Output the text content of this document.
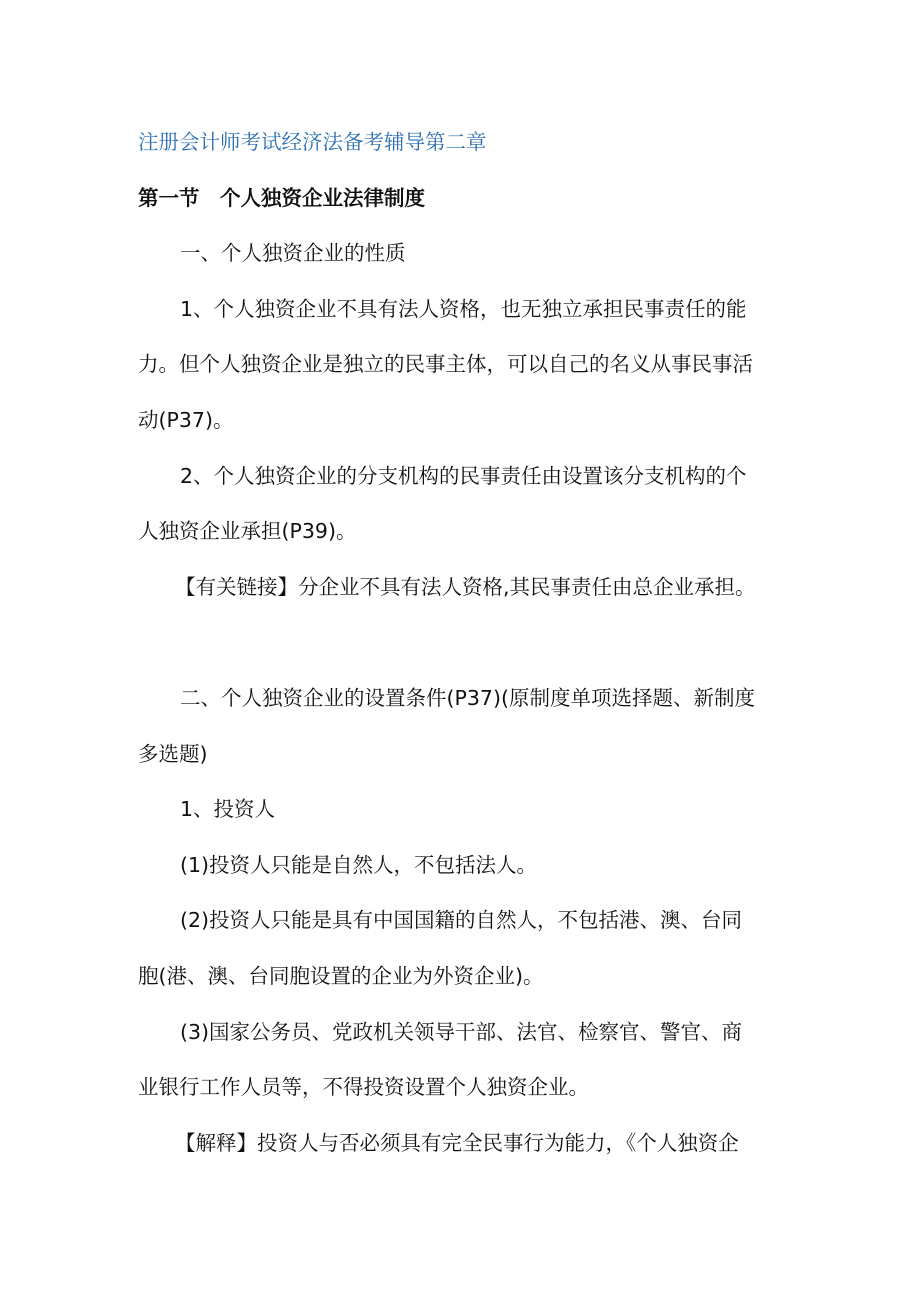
注册会计师考试经济法备考辅导第二章
第一节　个人独资企业法律制度
一、个人独资企业的性质
1、个人独资企业不具有法人资格，也无独立承担民事责任的能
力。但个人独资企业是独立的民事主体，可以自己的名义从事民事活
动(P37)。
2、个人独资企业的分支机构的民事责任由设置该分支机构的个
人独资企业承担(P39)。
【有关链接】分企业不具有法人资格,其民事责任由总企业承担。
二、个人独资企业的设置条件(P37)(原制度单项选择题、新制度
多选题)
1、投资人
(1)投资人只能是自然人，不包括法人。
(2)投资人只能是具有中国国籍的自然人，不包括港、澳、台同
胞(港、澳、台同胞设置的企业为外资企业)。
(3)国家公务员、党政机关领导干部、法官、检察官、警官、商
业银行工作人员等，不得投资设置个人独资企业。
【解释】投资人与否必须具有完全民事行为能力，《个人独资企
